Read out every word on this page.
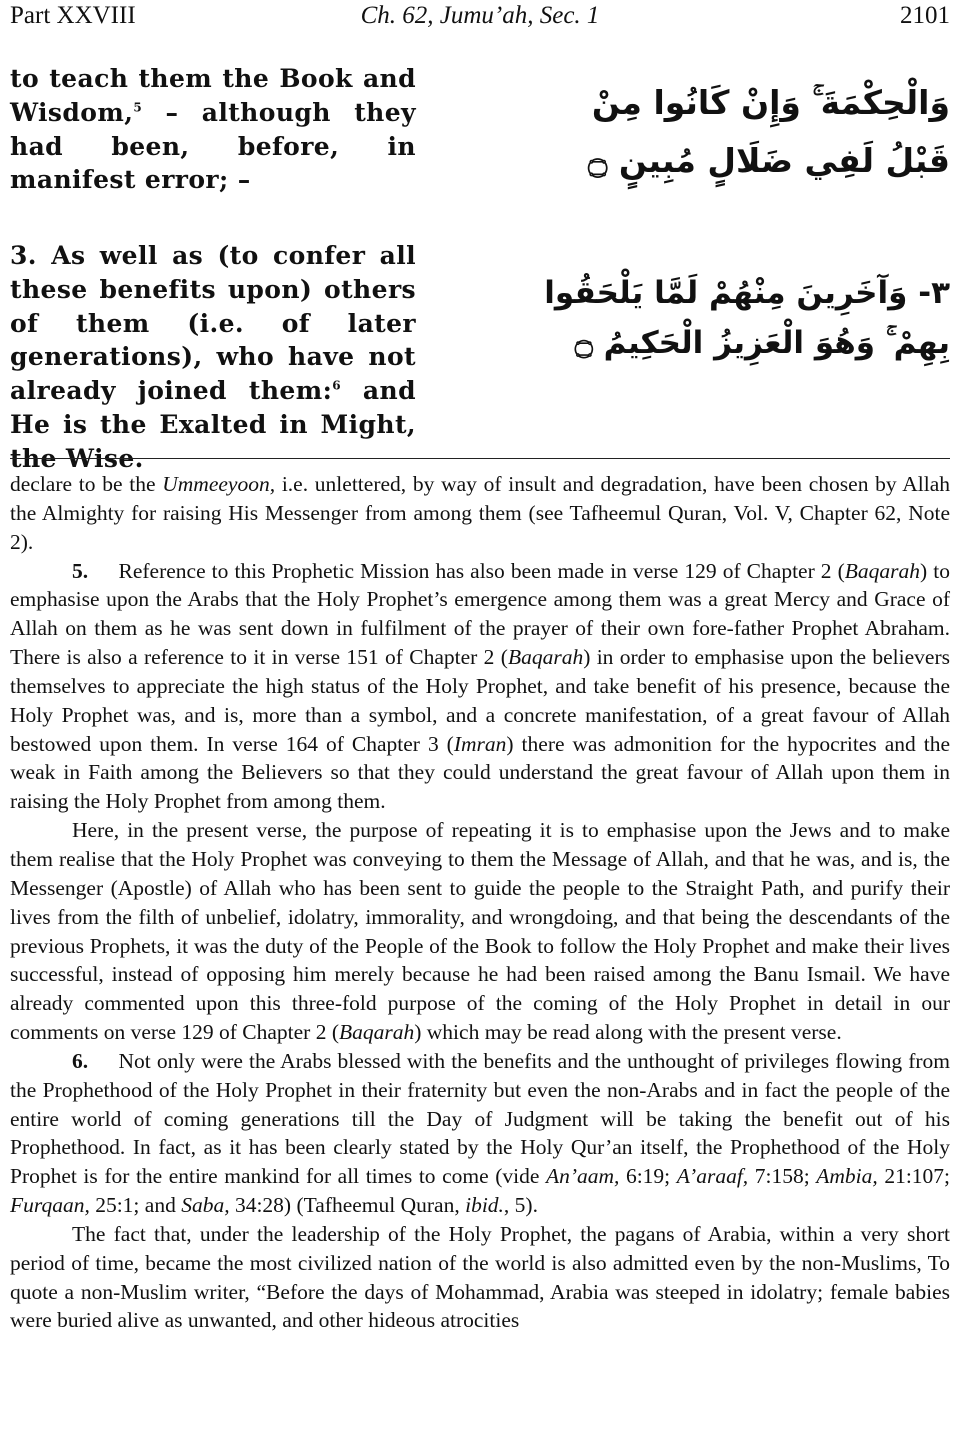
Part XXVIII	Ch. 62, Jumu’ah, Sec. 1	2101

to teach them the Book and Wisdom,$^5$ – although they had been, before, in manifest error; –

وَالْحِكْمَةَ ۚ وَإِنْ كَانُوا مِنْ قَبْلُ لَفِي ضَلَالٍ مُبِينٍ ۝

3. As well as (to confer all these benefits upon) others of them (i.e. of later generations), who have not already joined them:$^6$ and He is the Exalted in Might, the Wise.

٣- وَآخَرِينَ مِنْهُمْ لَمَّا يَلْحَقُوا بِهِمْ ۚ وَهُوَ الْعَزِيزُ الْحَكِيمُ ۝

declare to be the Ummeeyoon, i.e. unlettered, by way of insult and degradation, have been chosen by Allah the Almighty for raising His Messenger from among them (see Tafheemul Quran, Vol. V, Chapter 62, Note 2).

5. Reference to this Prophetic Mission has also been made in verse 129 of Chapter 2 (Baqarah) to emphasise upon the Arabs that the Holy Prophet’s emergence among them was a great Mercy and Grace of Allah on them as he was sent down in fulfilment of the prayer of their own fore-father Prophet Abraham. There is also a reference to it in verse 151 of Chapter 2 (Baqarah) in order to emphasise upon the believers themselves to appreciate the high status of the Holy Prophet, and take benefit of his presence, because the Holy Prophet was, and is, more than a symbol, and a concrete manifestation, of a great favour of Allah bestowed upon them. In verse 164 of Chapter 3 (Imran) there was admonition for the hypocrites and the weak in Faith among the Believers so that they could understand the great favour of Allah upon them in raising the Holy Prophet from among them.

Here, in the present verse, the purpose of repeating it is to emphasise upon the Jews and to make them realise that the Holy Prophet was conveying to them the Message of Allah, and that he was, and is, the Messenger (Apostle) of Allah who has been sent to guide the people to the Straight Path, and purify their lives from the filth of unbelief, idolatry, immorality, and wrongdoing, and that being the descendants of the previous Prophets, it was the duty of the People of the Book to follow the Holy Prophet and make their lives successful, instead of opposing him merely because he had been raised among the Banu Ismail. We have already commented upon this three-fold purpose of the coming of the Holy Prophet in detail in our comments on verse 129 of Chapter 2 (Baqarah) which may be read along with the present verse.

6. Not only were the Arabs blessed with the benefits and the unthought of privileges flowing from the Prophethood of the Holy Prophet in their fraternity but even the non-Arabs and in fact the people of the entire world of coming generations till the Day of Judgment will be taking the benefit out of his Prophethood. In fact, as it has been clearly stated by the Holy Qur’an itself, the Prophethood of the Holy Prophet is for the entire mankind for all times to come (vide An’aam, 6:19; A’araaf, 7:158; Ambia, 21:107; Furqaan, 25:1; and Saba, 34:28) (Tafheemul Quran, ibid., 5).

The fact that, under the leadership of the Holy Prophet, the pagans of Arabia, within a very short period of time, became the most civilized nation of the world is also admitted even by the non-Muslims, To quote a non-Muslim writer, “Before the days of Mohammad, Arabia was steeped in idolatry; female babies were buried alive as unwanted, and other hideous atrocities
